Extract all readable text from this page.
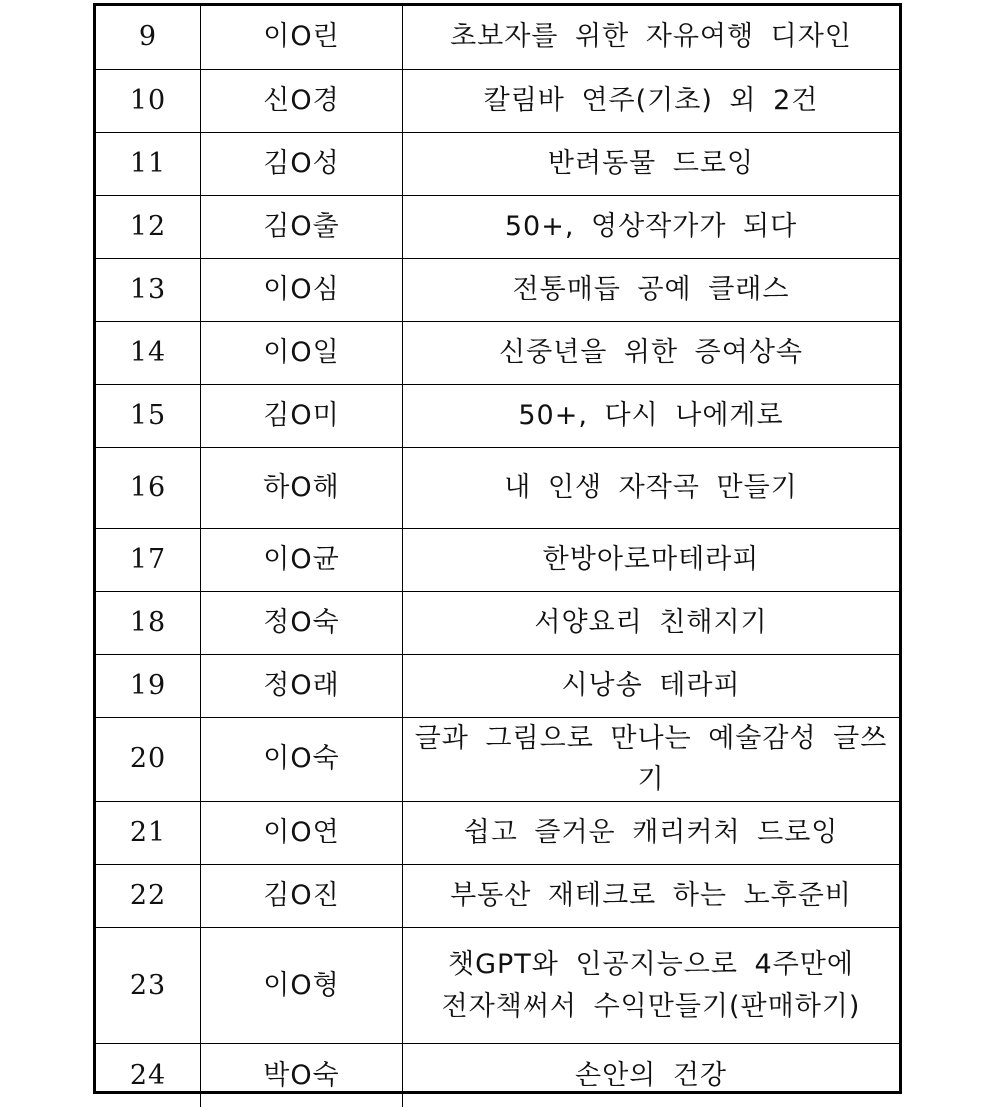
9	이O린	초보자를 위한 자유여행 디자인

10	신O경	칼림바 연주(기초) 외 2건

11	김O성	반려동물 드로잉

12	김O출	50+, 영상작가가 되다

13	이O심	전통매듭 공예 클래스

14	이O일	신중년을 위한 증여상속

15	김O미	50+, 다시 나에게로

16	하O해	내 인생 자작곡 만들기

17	이O균	한방아로마테라피

18	정O숙	서양요리 친해지기

19	정O래	시낭송 테라피

20	이O숙	글과 그림으로 만나는 예술감성 글쓰기

21	이O연	쉽고 즐거운 캐리커처 드로잉

22	김O진	부동산 재테크로 하는 노후준비

23	이O형	챗GPT와 인공지능으로 4주만에
전자책써서 수익만들기(판매하기)

24	박O숙	손안의 건강
